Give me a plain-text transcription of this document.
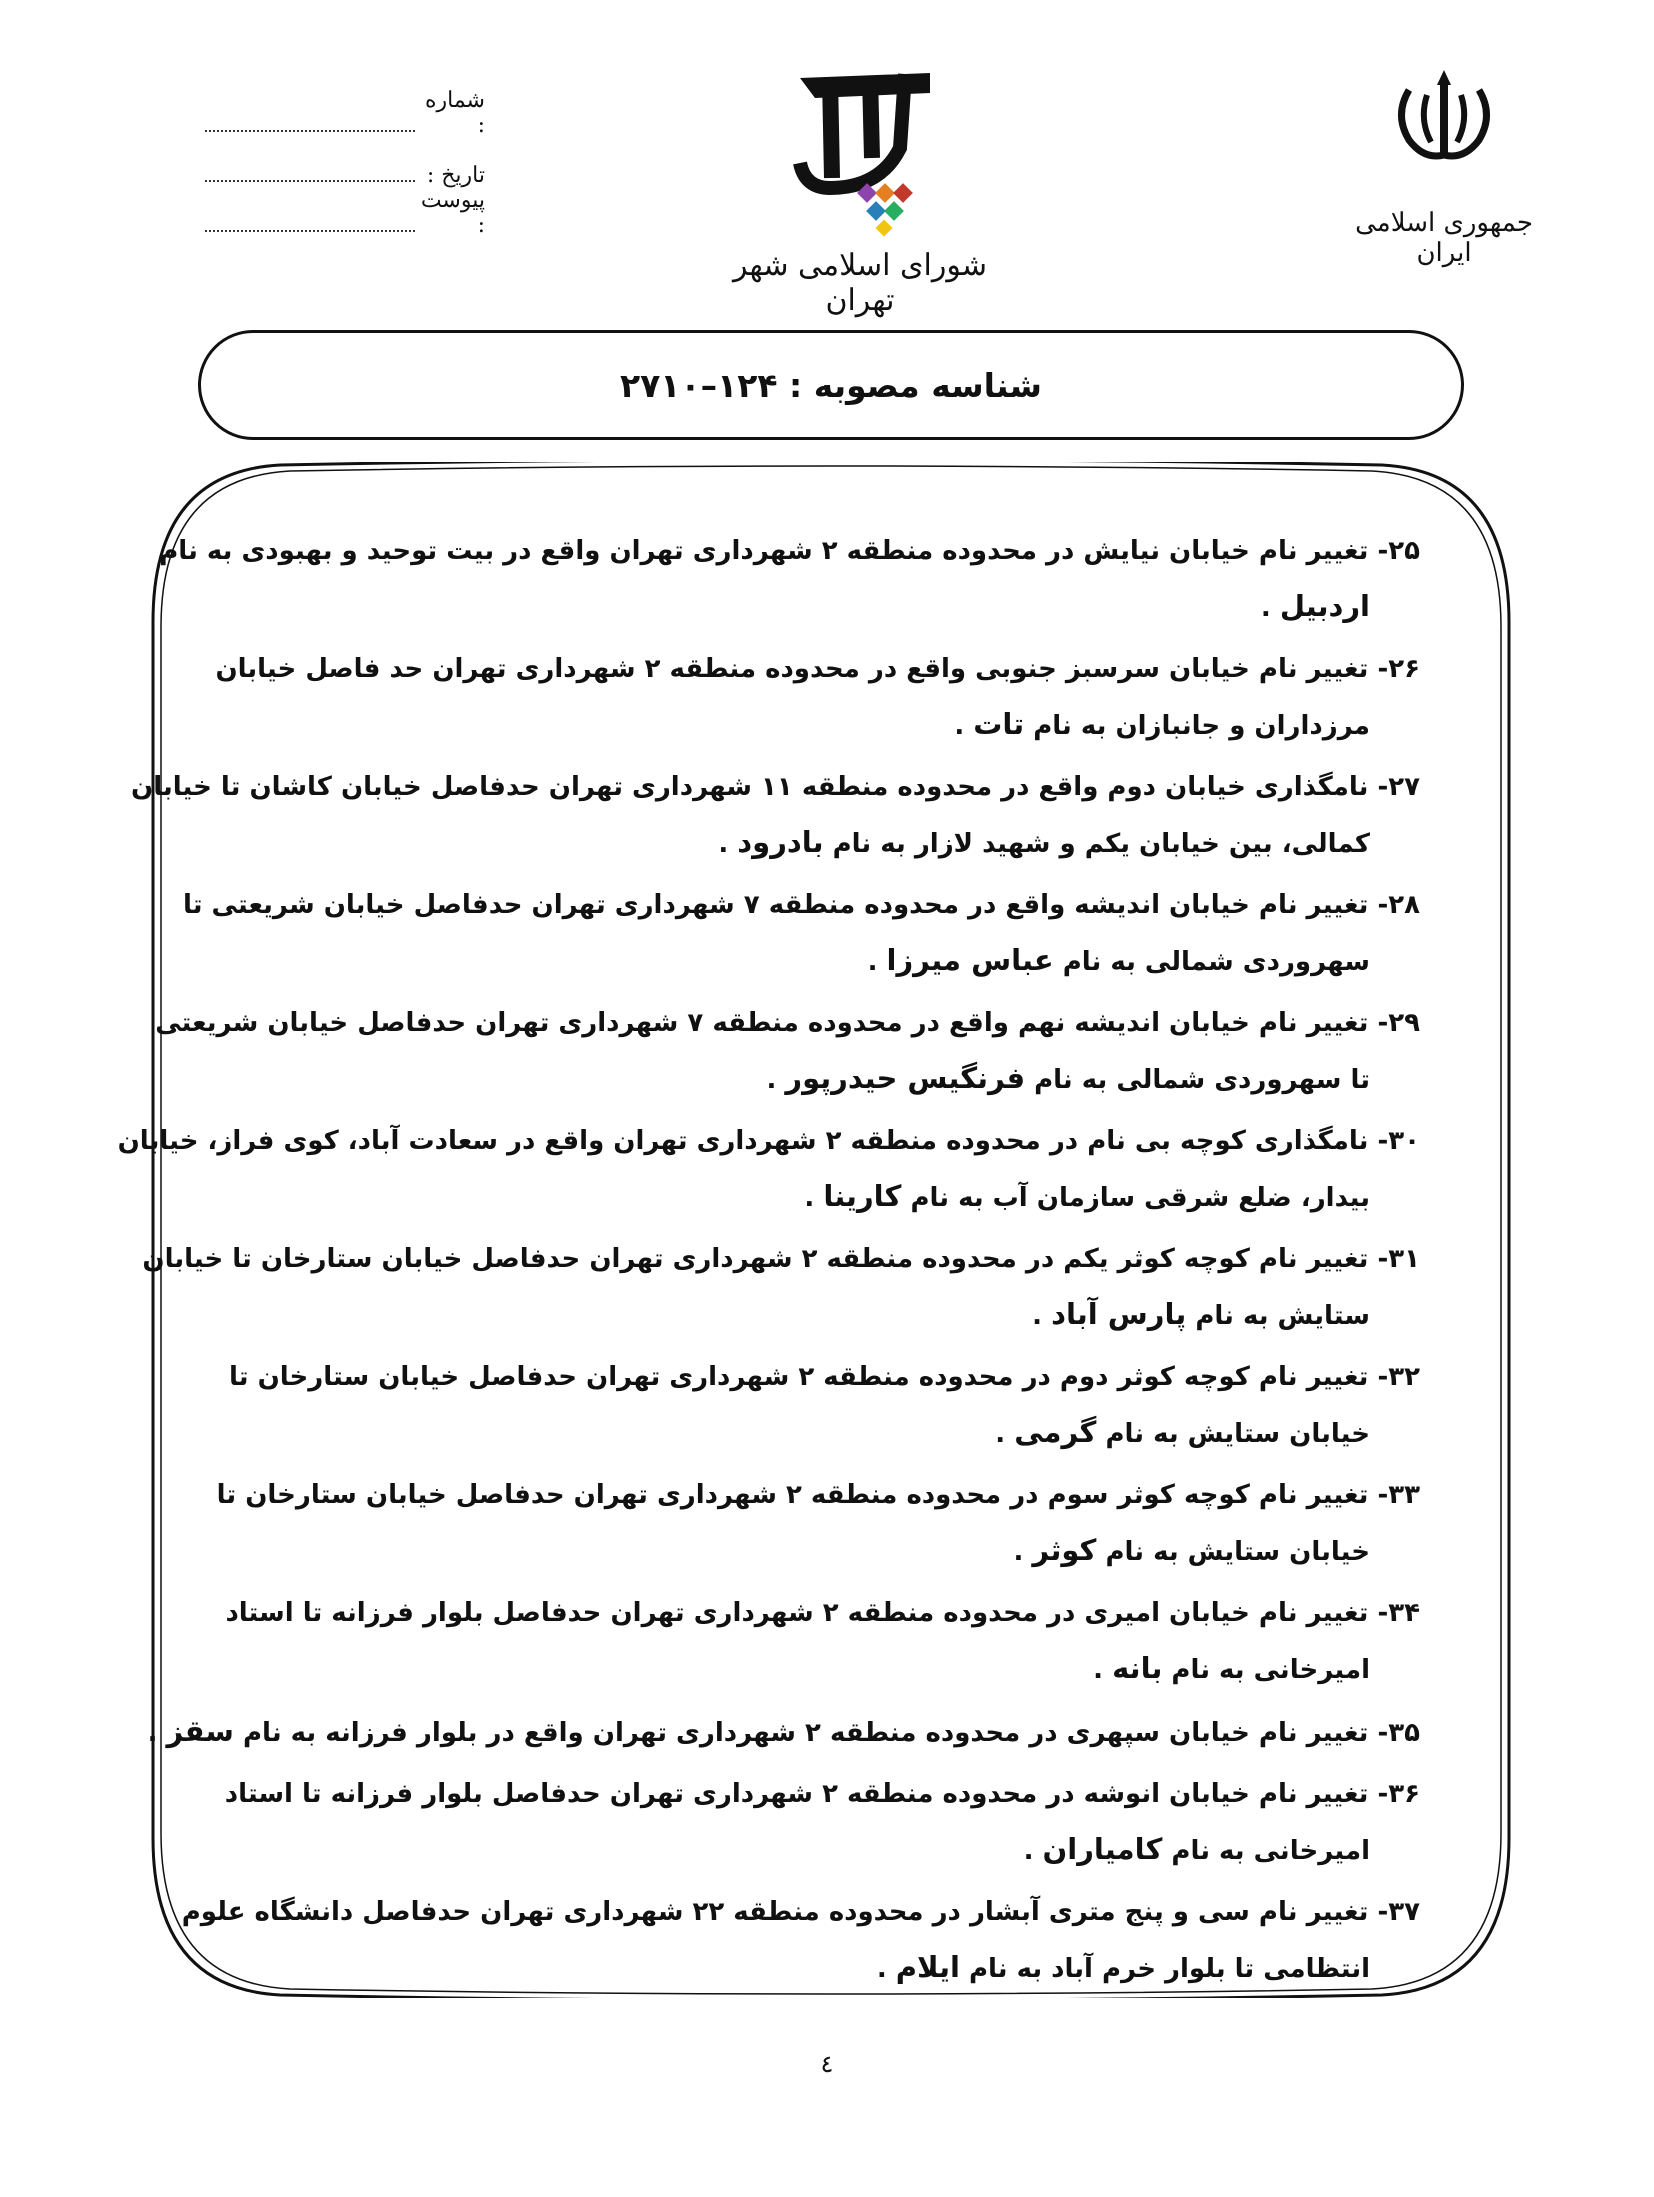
جمهوری اسلامی ایران
شورای اسلامی شهر تهران
شماره :
تاریخ :
پیوست :
شناسه مصوبه : ۱۲۴–۲۷۱۰
۲۵- تغییر نام خیابان نیایش در محدوده منطقه ۲ شهرداری تهران واقع در بیت توحید و بهبودی به نام
اردبیل .
۲۶- تغییر نام خیابان سرسبز جنوبی واقع در محدوده منطقه ۲ شهرداری تهران حد فاصل خیابان
مرزداران و جانبازان به نام تات .
۲۷- نامگذاری خیابان دوم واقع در محدوده منطقه ۱۱ شهرداری تهران حدفاصل خیابان کاشان تا خیابان
کمالی، بین خیابان یکم و شهید لازار به نام بادرود .
۲۸- تغییر نام خیابان اندیشه واقع در محدوده منطقه ۷ شهرداری تهران حدفاصل خیابان شریعتی تا
سهروردی شمالی به نام عباس میرزا .
۲۹- تغییر نام خیابان اندیشه نهم واقع در محدوده منطقه ۷ شهرداری تهران حدفاصل خیابان شریعتی
تا سهروردی شمالی به نام فرنگیس حیدرپور .
۳۰- نامگذاری کوچه بی نام در محدوده منطقه ۲ شهرداری تهران واقع در سعادت آباد، کوی فراز، خیابان
بیدار، ضلع شرقی سازمان آب به نام کارینا .
۳۱- تغییر نام کوچه کوثر یکم در محدوده منطقه ۲ شهرداری تهران حدفاصل خیابان ستارخان تا خیابان
ستایش به نام پارس آباد .
۳۲- تغییر نام کوچه کوثر دوم در محدوده منطقه ۲ شهرداری تهران حدفاصل خیابان ستارخان تا
خیابان ستایش به نام گرمی .
۳۳- تغییر نام کوچه کوثر سوم در محدوده منطقه ۲ شهرداری تهران حدفاصل خیابان ستارخان تا
خیابان ستایش به نام کوثر .
۳۴- تغییر نام خیابان امیری در محدوده منطقه ۲ شهرداری تهران حدفاصل بلوار فرزانه تا استاد
امیرخانی به نام بانه .
۳۵- تغییر نام خیابان سپهری در محدوده منطقه ۲ شهرداری تهران واقع در بلوار فرزانه به نام سقز .
۳۶- تغییر نام خیابان انوشه در محدوده منطقه ۲ شهرداری تهران حدفاصل بلوار فرزانه تا استاد
امیرخانی به نام کامیاران .
۳۷- تغییر نام سی و پنج متری آبشار در محدوده منطقه ۲۲ شهرداری تهران حدفاصل دانشگاه علوم
انتظامی تا بلوار خرم آباد به نام ایلام .
٤
